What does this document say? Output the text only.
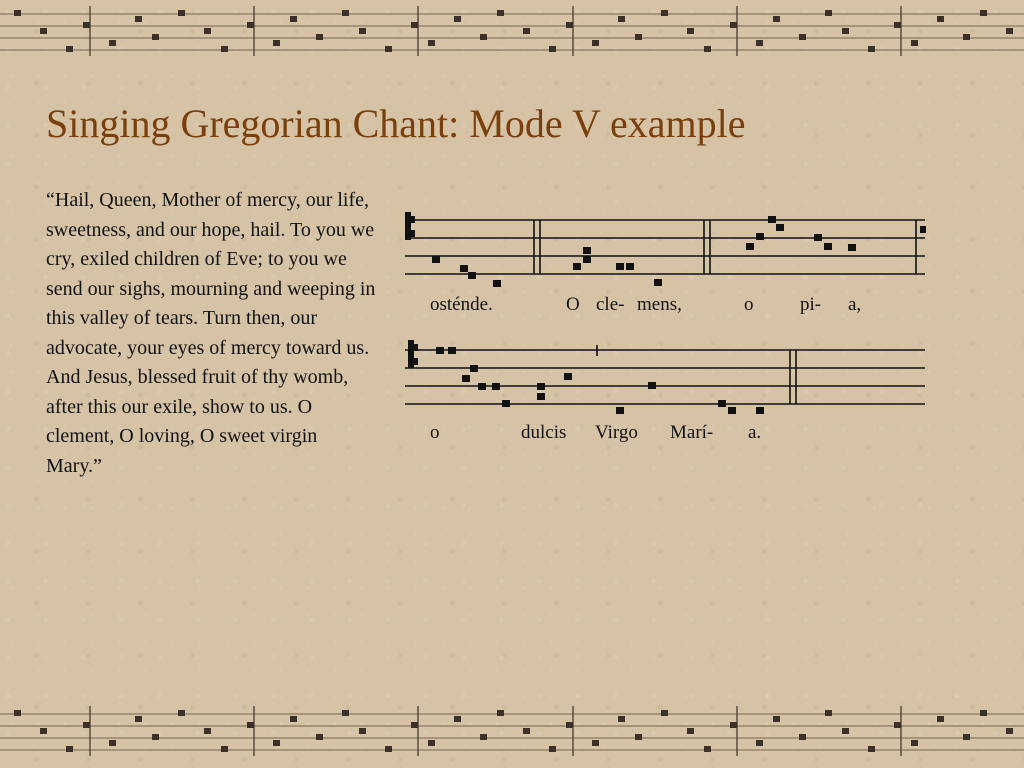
Singing Gregorian Chant: Mode V example

“Hail, Queen, Mother of mercy, our life, sweetness, and our hope, hail. To you we cry, exiled children of Eve; to you we send our sighs, mourning and weeping in this valley of tears. Turn then, our advocate, your eyes of mercy toward us. And Jesus, blessed fruit of thy womb, after this our exile, show to us. O clement, O loving, O sweet virgin Mary.”

osténde.	O cle- mens,	o pi- a,
o	dulcis Virgo Marí- a.
